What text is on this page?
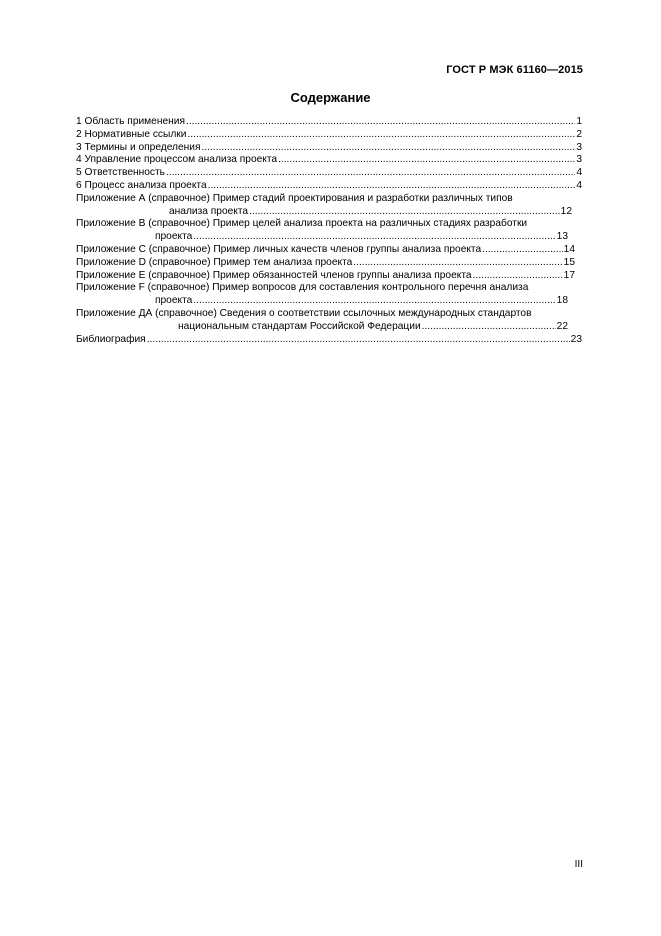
ГОСТ Р МЭК 61160—2015
Содержание
1 Область применения .....	1
2 Нормативные ссылки .....	2
3 Термины и определения .....	3
4 Управление процессом анализа проекта .....	3
5 Ответственность .....	4
6 Процесс анализа проекта .....	4
Приложение А (справочное) Пример стадий проектирования и разработки различных типов
анализа проекта .....	12
Приложение В (справочное) Пример целей анализа проекта на различных стадиях разработки
проекта .....	13
Приложение С (справочное) Пример личных качеств членов группы анализа проекта .....	14
Приложение D (справочное) Пример тем анализа проекта .....	15
Приложение Е (справочное) Пример обязанностей членов группы анализа проекта .....	17
Приложение F (справочное) Пример вопросов для составления контрольного перечня анализа
проекта .....	18
Приложение ДА (справочное) Сведения о соответствии ссылочных международных стандартов
национальным стандартам Российской Федерации .....	22
Библиография .....	23
III
